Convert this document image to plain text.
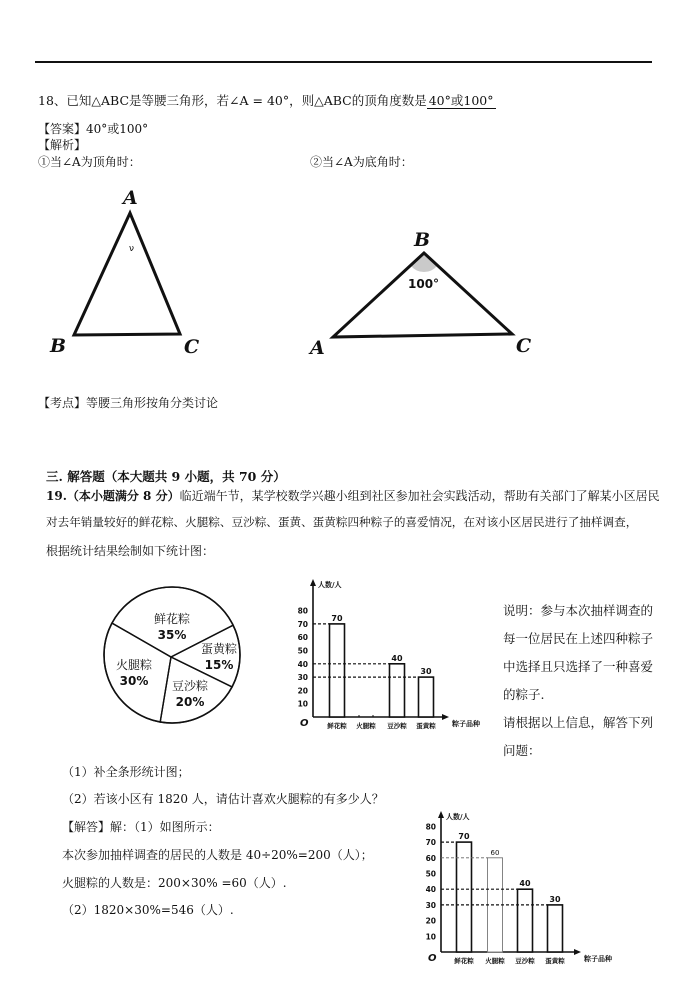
18、已知△ABC是等腰三角形，若∠A = 40°，则△ABC的顶角度数是 40°或100°
【答案】40°或100°
【解析】
①当∠A为顶角时：	②当∠A为底角时：
A
B	C
ν	B
A	C
100°
【考点】等腰三角形按角分类讨论
三. 解答题（本大题共 9 小题，共 70 分）
19.（本小题满分 8 分）临近端午节，某学校数学兴趣小组到社区参加社会实践活动，帮助有关部门了解某小区居民
对去年销量较好的鲜花粽、火腿粽、豆沙粽、蛋黄、蛋黄粽四种粽子的喜爱情况，在对该小区居民进行了抽样调查，
根据统计结果绘制如下统计图：
鲜花粽
35%
蛋黄粽
15%
豆沙粽
20%
火腿粽
30%
人数/人
粽子品种
O
10
20
30
40
50
60
70
80
鲜花粽
70
火腿粽 豆沙粽
40
蛋黄粽
30
说明：参与本次抽样调查的
每一位居民在上述四种粽子
中选择且只选择了一种喜爱
的粽子.
请根据以上信息，解答下列
问题：
（1）补全条形统计图；
（2）若该小区有 1820 人，请估计喜欢火腿粽的有多少人？
【解答】解：（1）如图所示：
本次参加抽样调查的居民的人数是 40÷20%=200（人）；
火腿粽的人数是：200×30% =60（人）.
（2）1820×30%=546（人）.
人数/人
粽子品种
O
10
20
30
40
50
60
70
80
鲜花粽
70
火腿粽
60
豆沙粽
40
蛋黄粽
30
